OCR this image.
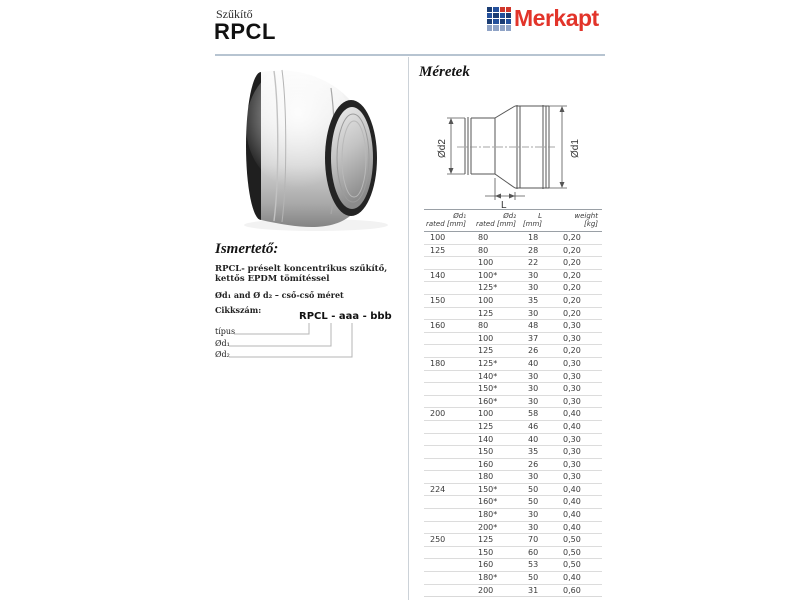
Szűkítő
RPCL
Merkapt
Ismertető:
RPCL- préselt koncentrikus szűkítő, kettős EPDM tömítéssel
Ød₁ and Ø d₂ – cső-cső méret
Cikkszám:
RPCL - aaa - bbb
típus
Ød₁
Ød₂
Méretek
Ød2	Ød1
L
Ød₁
rated [mm]	Ød₂
rated [mm]	L
[mm]	weight
[kg]

100	80	18	0,20
125	80	28	0,20
	100	22	0,20
140	100*	30	0,20
	125*	30	0,20
150	100	35	0,20
	125	30	0,20
160	80	48	0,30
	100	37	0,30
	125	26	0,20
180	125*	40	0,30
	140*	30	0,30
	150*	30	0,30
	160*	30	0,30
200	100	58	0,40
	125	46	0,40
	140	40	0,30
	150	35	0,30
	160	26	0,30
	180	30	0,30
224	150*	50	0,40
	160*	50	0,40
	180*	30	0,40
	200*	30	0,40
250	125	70	0,50
	150	60	0,50
	160	53	0,50
	180*	50	0,40
	200	31	0,60
